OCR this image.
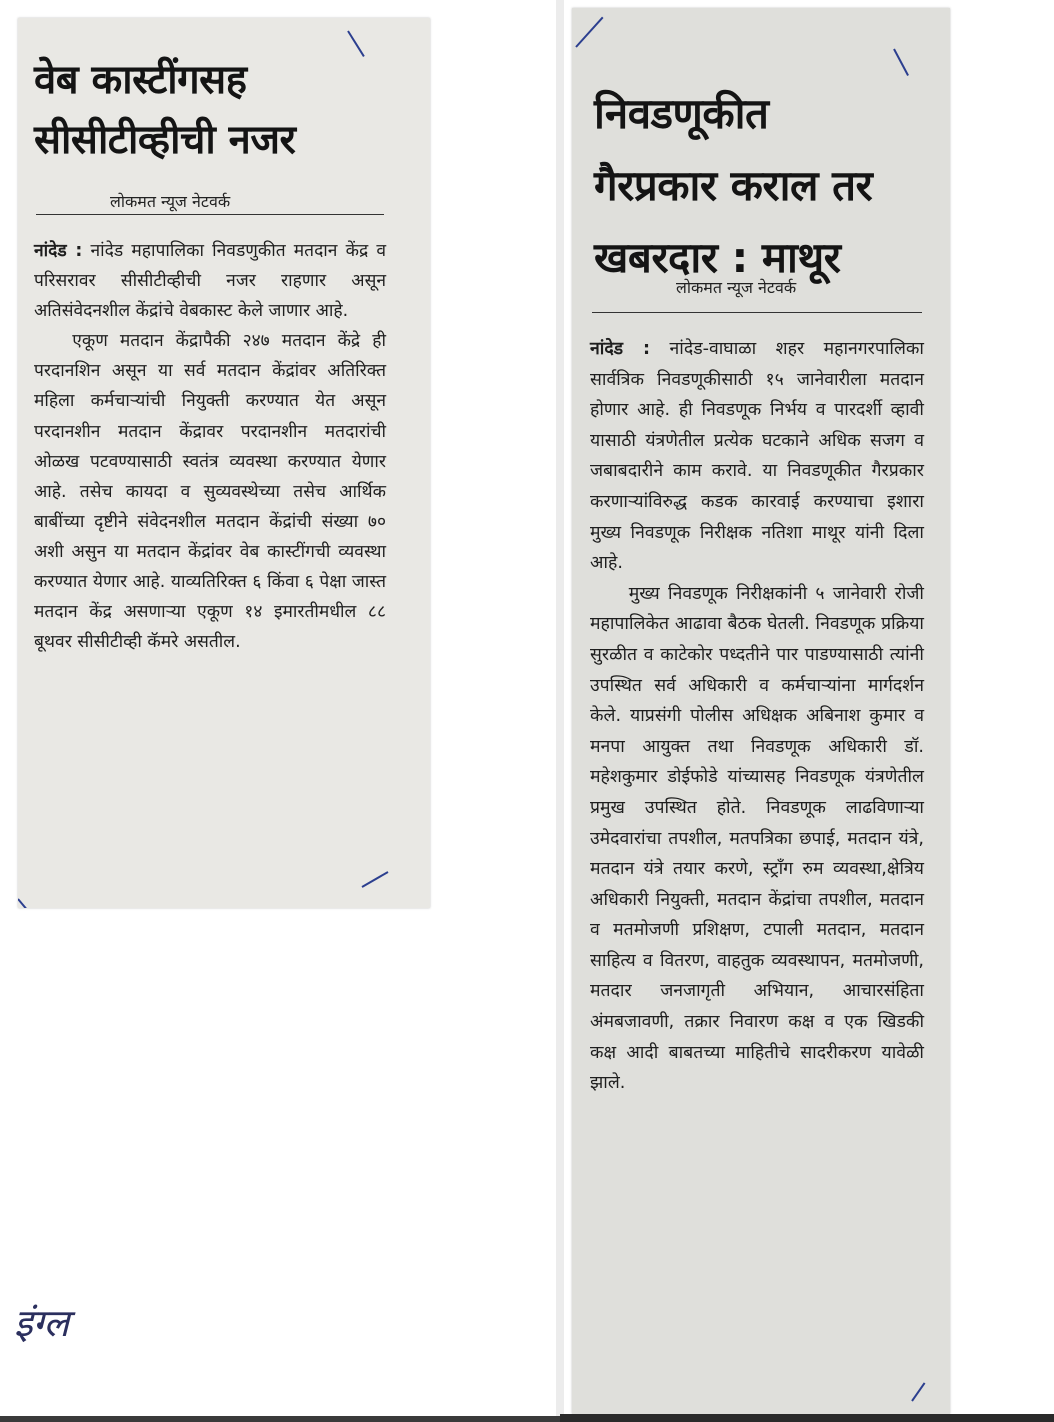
वेब कास्टींगसह
सीसीटीव्हीची नजर
लोकमत न्यूज नेटवर्क

नांदेड : नांदेड महापालिका निवडणुकीत मतदान केंद्र व परिसरावर सीसीटीव्हीची नजर राहणार असून अतिसंवेदनशील केंद्रांचे वेबकास्ट केले जाणार आहे.

एकूण मतदान केंद्रापैकी २४७ मतदान केंद्रे ही परदानशिन असून या सर्व मतदान केंद्रांवर अतिरिक्त महिला कर्मचाऱ्यांची नियुक्ती करण्यात येत असून परदानशीन मतदान केंद्रावर परदानशीन मतदारांची ओळख पटवण्यासाठी स्वतंत्र व्यवस्था करण्यात येणार आहे. तसेच कायदा व सुव्यवस्थेच्या तसेच आर्थिक बाबींच्या दृष्टीने संवेदनशील मतदान केंद्रांची संख्या ७० अशी असुन या मतदान केंद्रांवर वेब कास्टींगची व्यवस्था करण्यात येणार आहे. याव्यतिरिक्त ६ किंवा ६ पेक्षा जास्त मतदान केंद्र असणाऱ्या एकूण १४ इमारतीमधील ८८ बूथवर सीसीटीव्ही कॅमरे असतील.

निवडणूकीत
गैरप्रकार कराल तर
खबरदार : माथूर
लोकमत न्यूज नेटवर्क

नांदेड : नांदेड-वाघाळा शहर महानगरपालिका सार्वत्रिक निवडणूकीसाठी १५ जानेवारीला मतदान होणार आहे. ही निवडणूक निर्भय व पारदर्शी व्हावी यासाठी यंत्रणेतील प्रत्येक घटकाने अधिक सजग व जबाबदारीने काम करावे. या निवडणूकीत गैरप्रकार करणाऱ्यांविरुद्ध कडक कारवाई करण्याचा इशारा मुख्य निवडणूक निरीक्षक नतिशा माथूर यांनी दिला आहे.

मुख्य निवडणूक निरीक्षकांनी ५ जानेवारी रोजी महापालिकेत आढावा बैठक घेतली. निवडणूक प्रक्रिया सुरळीत व काटेकोर पध्दतीने पार पाडण्यासाठी त्यांनी उपस्थित सर्व अधिकारी व कर्मचाऱ्यांना मार्गदर्शन केले. याप्रसंगी पोलीस अधिक्षक अबिनाश कुमार व मनपा आयुक्त तथा निवडणूक अधिकारी डॉ. महेशकुमार डोईफोडे यांच्यासह निवडणूक यंत्रणेतील प्रमुख उपस्थित होते. निवडणूक लाढविणाऱ्या उमेदवारांचा तपशील, मतपत्रिका छपाई, मतदान यंत्रे, मतदान यंत्रे तयार करणे, स्ट्राँग रुम व्यवस्था,क्षेत्रिय अधिकारी नियुक्ती, मतदान केंद्रांचा तपशील, मतदान व मतमोजणी प्रशिक्षण, टपाली मतदान, मतदान साहित्य व वितरण, वाहतुक व्यवस्थापन, मतमोजणी, मतदार जनजागृती अभियान, आचारसंहिता अंमबजावणी, तक्रार निवारण कक्ष व एक खिडकी कक्ष आदी बाबतच्या माहितीचे सादरीकरण यावेळी झाले.

इंग्ल
